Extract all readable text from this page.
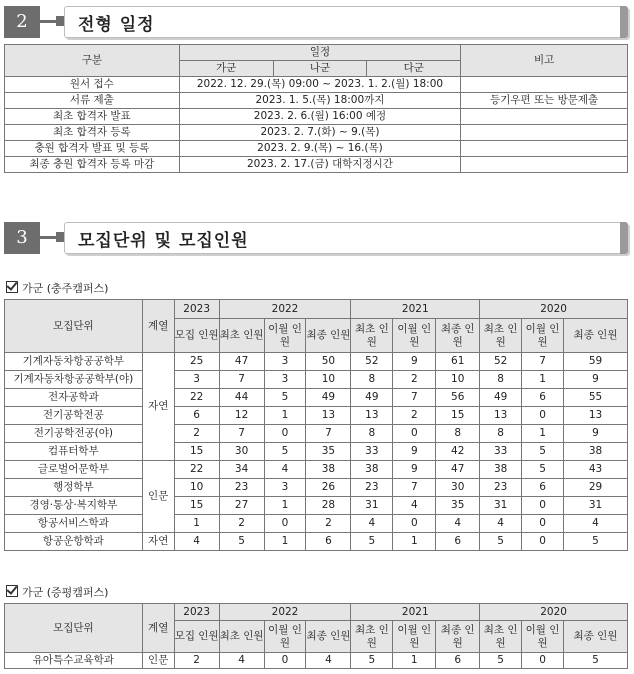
2	전형 일정
구분	일정			비고
	가군	나군	다군	
원서 접수	2022. 12. 29.(목) 09:00 ~ 2023. 1. 2.(월) 18:00			
서류 제출	2023. 1. 5.(목) 18:00까지			등기우편 또는 방문제출
최초 합격자 발표	2023. 2. 6.(월) 16:00 예정			
최초 합격자 등록	2023. 2. 7.(화) ~ 9.(목)			
충원 합격자 발표 및 등록	2023. 2. 9.(목) ~ 16.(목)			
최종 충원 합격자 등록 마감	2023. 2. 17.(금) 대학지정시간			
3	모집단위 및 모집인원
가군 (충주캠퍼스)
모집단위	계열	2023	2022			2021			2020		
		모집 인원	최초 인원	이월 인원	최종 인원	최초 인원	이월 인원	최종 인원	최초 인원	이월 인원	최종 인원
기계자동차항공공학부	자연	25	47	3	50	52	9	61	52	7	59
기계자동차항공공학부(야)		3	7	3	10	8	2	10	8	1	9
전자공학과		22	44	5	49	49	7	56	49	6	55
전기공학전공		6	12	1	13	13	2	15	13	0	13
전기공학전공(야)		2	7	0	7	8	0	8	8	1	9
컴퓨터학부		15	30	5	35	33	9	42	33	5	38
글로벌어문학부	인문	22	34	4	38	38	9	47	38	5	43
행정학부		10	23	3	26	23	7	30	23	6	29
경영·통상·복지학부		15	27	1	28	31	4	35	31	0	31
항공서비스학과		1	2	0	2	4	0	4	4	0	4
항공운항학과	자연	4	5	1	6	5	1	6	5	0	5
가군 (증평캠퍼스)
모집단위	계열	2023	2022			2021			2020		
		모집 인원	최초 인원	이월 인원	최종 인원	최초 인원	이월 인원	최종 인원	최초 인원	이월 인원	최종 인원
유아특수교육학과	인문	2	4	0	4	5	1	6	5	0	5
